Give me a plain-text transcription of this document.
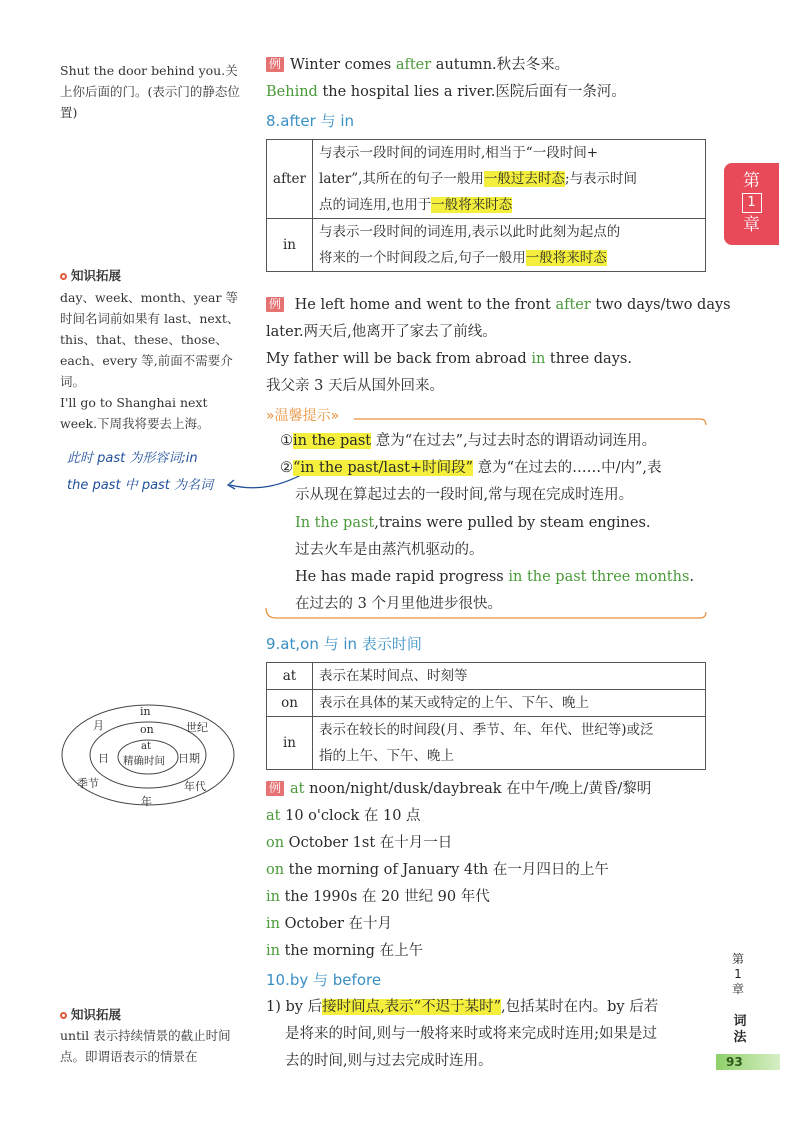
Shut the door behind you.关上你后面的门。(表示门的静态位置)
知识拓展
day、week、month、year 等时间名词前如果有 last、next、this、that、these、those、each、every 等,前面不需要介词。
I'll go to Shanghai next week.下周我将要去上海。
此时 past 为形容词;in
the past 中 past 为名词
in
月	世纪
on
日	日期
at
精确时间
季节
年
年代
知识拓展
until 表示持续情景的截止时间点。即谓语表示的情景在
例 Winter comes after autumn.秋去冬来。
Behind the hospital lies a river.医院后面有一条河。
8.after 与 in
after	与表示一段时间的词连用时,相当于“一段时间+
later”,其所在的句子一般用一般过去时态;与表示时间
点的词连用,也用于一般将来时态

in	与表示一段时间的词连用,表示以此时此刻为起点的
将来的一个时间段之后,句子一般用一般将来时态
例 He left home and went to the front after two days/two days
later.两天后,他离开了家去了前线。
My father will be back from abroad in three days.
我父亲 3 天后从国外回来。
»温馨提示»
①in the past 意为“在过去”,与过去时态的谓语动词连用。
②“in the past/last+时间段” 意为“在过去的……中/内”,表
示从现在算起过去的一段时间,常与现在完成时连用。
In the past,trains were pulled by steam engines.
过去火车是由蒸汽机驱动的。
He has made rapid progress in the past three months.
在过去的 3 个月里他进步很快。
9.at,on 与 in 表示时间
at	表示在某时间点、时刻等
on	表示在具体的某天或特定的上午、下午、晚上
in	表示在较长的时间段(月、季节、年、年代、世纪等)或泛
指的上午、下午、晚上
例 at noon/night/dusk/daybreak 在中午/晚上/黄昏/黎明
at 10 o'clock 在 10 点
on October 1st 在十月一日
on the morning of January 4th 在一月四日的上午
in the 1990s 在 20 世纪 90 年代
in October 在十月
in the morning 在上午
10.by 与 before
1) by 后接时间点,表示“不迟于某时”,包括某时在内。by 后若
是将来的时间,则与一般将来时或将来完成时连用;如果是过
去的时间,则与过去完成时连用。
第
1
章
第
1
章
词
法
93
